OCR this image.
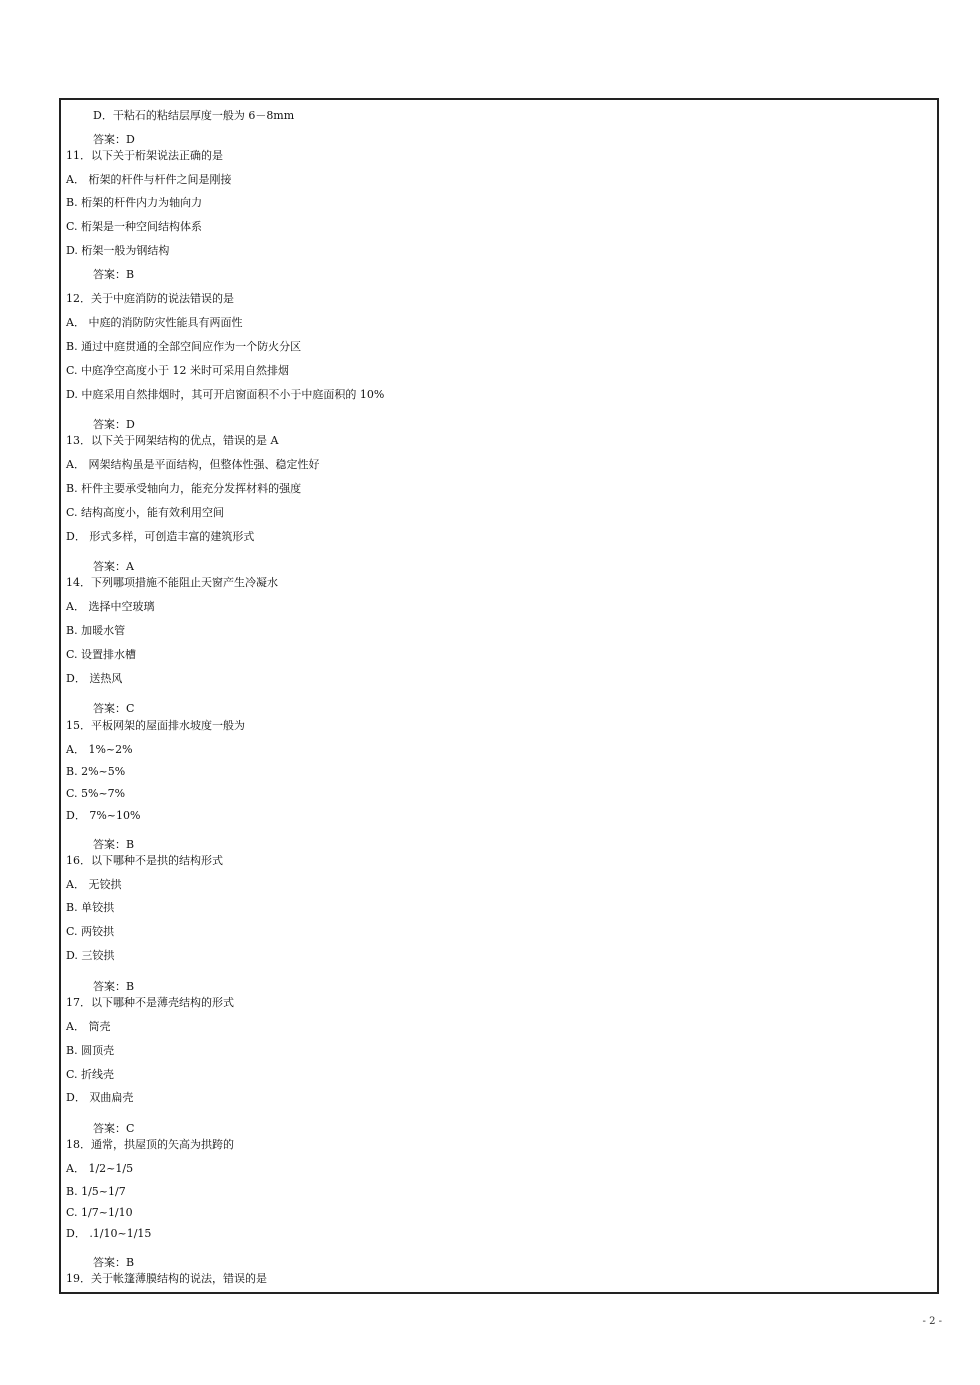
D．干粘石的粘结层厚度一般为 6－8mm
答案：D
11．以下关于桁架说法正确的是
A． 桁架的杆件与杆件之间是刚接
B. 桁架的杆件内力为轴向力
C. 桁架是一种空间结构体系
D. 桁架一般为钢结构
答案：B
12．关于中庭消防的说法错误的是
A． 中庭的消防防灾性能具有两面性
B. 通过中庭贯通的全部空间应作为一个防火分区
C. 中庭净空高度小于 12 米时可采用自然排烟
D. 中庭采用自然排烟时，其可开启窗面积不小于中庭面积的 10%
答案：D
13．以下关于网架结构的优点，错误的是 A
A． 网架结构虽是平面结构，但整体性强、稳定性好
B. 杆件主要承受轴向力，能充分发挥材料的强度
C. 结构高度小，能有效利用空间
D． 形式多样，可创造丰富的建筑形式
答案：A
14．下列哪项措施不能阻止天窗产生冷凝水
A． 选择中空玻璃
B. 加暖水管
C. 设置排水槽
D． 送热风
答案：C
15．平板网架的屋面排水坡度一般为
A． 1%~2%
B. 2%~5%
C. 5%~7%
D． 7%~10%
答案：B
16．以下哪种不是拱的结构形式
A． 无铰拱
B. 单铰拱
C. 两铰拱
D. 三铰拱
答案：B
17．以下哪种不是薄壳结构的形式
A． 筒壳
B. 圆顶壳
C. 折线壳
D． 双曲扁壳
答案：C
18．通常，拱屋顶的矢高为拱跨的
A． 1/2~1/5
B. 1/5~1/7
C. 1/7~1/10
D． .1/10~1/15
答案：B
19．关于帐篷薄膜结构的说法，错误的是
- 2 -
